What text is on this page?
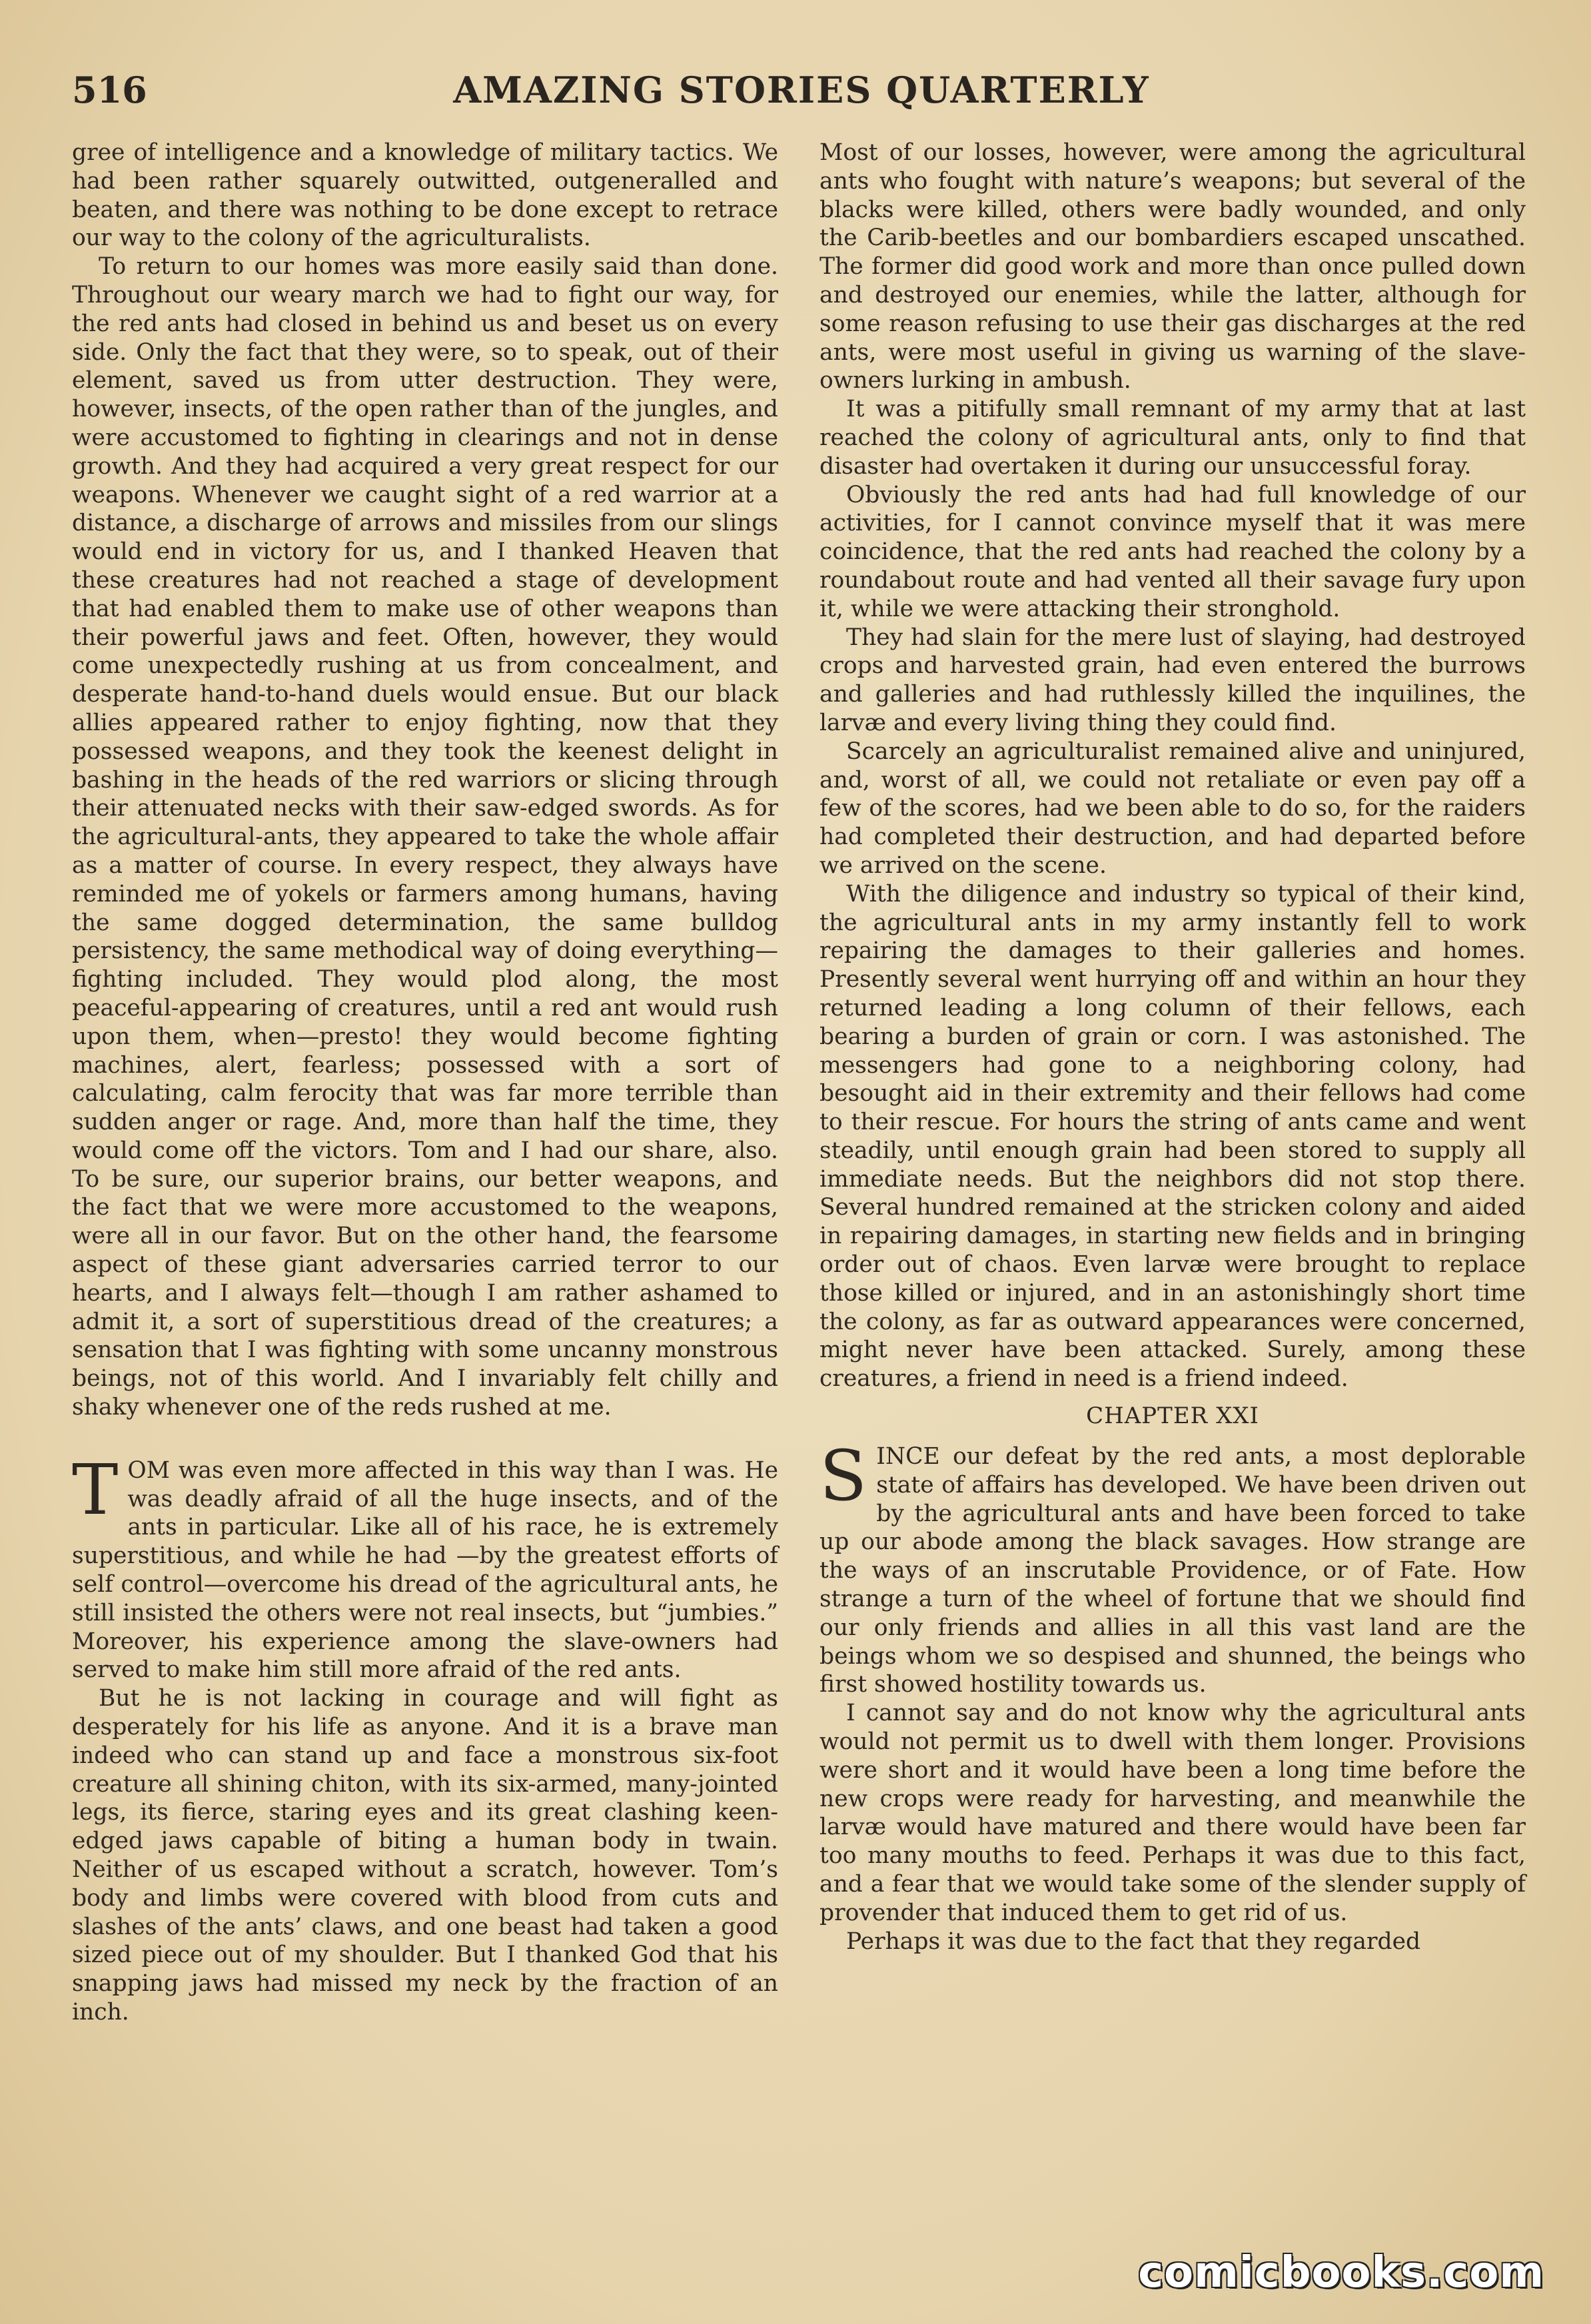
516	AMAZING STORIES QUARTERLY

gree of intelligence and a knowledge of military tactics. We had been rather squarely outwitted, outgeneralled and beaten, and there was nothing to be done except to retrace our way to the colony of the agriculturalists.

To return to our homes was more easily said than done. Throughout our weary march we had to fight our way, for the red ants had closed in behind us and beset us on every side. Only the fact that they were, so to speak, out of their element, saved us from utter destruction. They were, however, insects, of the open rather than of the jungles, and were accustomed to fighting in clearings and not in dense growth. And they had acquired a very great respect for our weapons. Whenever we caught sight of a red warrior at a distance, a discharge of arrows and missiles from our slings would end in victory for us, and I thanked Heaven that these creatures had not reached a stage of development that had enabled them to make use of other weapons than their powerful jaws and feet. Often, however, they would come unexpectedly rushing at us from concealment, and desperate hand-to-hand duels would ensue. But our black allies appeared rather to enjoy fighting, now that they possessed weapons, and they took the keenest delight in bashing in the heads of the red warriors or slicing through their attenuated necks with their saw-edged swords. As for the agricultural-ants, they appeared to take the whole affair as a matter of course. In every respect, they always have reminded me of yokels or farmers among humans, having the same dogged determination, the same bulldog persistency, the same methodical way of doing everything—fighting included. They would plod along, the most peaceful-appearing of creatures, until a red ant would rush upon them, when—presto! they would become fighting machines, alert, fearless; possessed with a sort of calculating, calm ferocity that was far more terrible than sudden anger or rage. And, more than half the time, they would come off the victors. Tom and I had our share, also. To be sure, our superior brains, our better weapons, and the fact that we were more accustomed to the weapons, were all in our favor. But on the other hand, the fearsome aspect of these giant adversaries carried terror to our hearts, and I always felt—though I am rather ashamed to admit it, a sort of superstitious dread of the creatures; a sensation that I was fighting with some uncanny monstrous beings, not of this world. And I invariably felt chilly and shaky whenever one of the reds rushed at me.

TOM was even more affected in this way than I was. He was deadly afraid of all the huge insects, and of the ants in particular. Like all of his race, he is extremely superstitious, and while he had —by the greatest efforts of self control—overcome his dread of the agricultural ants, he still insisted the others were not real insects, but “jumbies.” Moreover, his experience among the slave-owners had served to make him still more afraid of the red ants.

But he is not lacking in courage and will fight as desperately for his life as anyone. And it is a brave man indeed who can stand up and face a monstrous six-foot creature all shining chiton, with its six-armed, many-jointed legs, its fierce, staring eyes and its great clashing keen-edged jaws capable of biting a human body in twain. Neither of us escaped without a scratch, however. Tom’s body and limbs were covered with blood from cuts and slashes of the ants’ claws, and one beast had taken a good sized piece out of my shoulder. But I thanked God that his snapping jaws had missed my neck by the fraction of an inch.

Most of our losses, however, were among the agricultural ants who fought with nature’s weapons; but several of the blacks were killed, others were badly wounded, and only the Carib-beetles and our bombardiers escaped unscathed. The former did good work and more than once pulled down and destroyed our enemies, while the latter, although for some reason refusing to use their gas discharges at the red ants, were most useful in giving us warning of the slave-owners lurking in ambush.

It was a pitifully small remnant of my army that at last reached the colony of agricultural ants, only to find that disaster had overtaken it during our unsuccessful foray.

Obviously the red ants had had full knowledge of our activities, for I cannot convince myself that it was mere coincidence, that the red ants had reached the colony by a roundabout route and had vented all their savage fury upon it, while we were attacking their stronghold.

They had slain for the mere lust of slaying, had destroyed crops and harvested grain, had even entered the burrows and galleries and had ruthlessly killed the inquilines, the larvæ and every living thing they could find.

Scarcely an agriculturalist remained alive and uninjured, and, worst of all, we could not retaliate or even pay off a few of the scores, had we been able to do so, for the raiders had completed their destruction, and had departed before we arrived on the scene.

With the diligence and industry so typical of their kind, the agricultural ants in my army instantly fell to work repairing the damages to their galleries and homes. Presently several went hurrying off and within an hour they returned leading a long column of their fellows, each bearing a burden of grain or corn. I was astonished. The messengers had gone to a neighboring colony, had besought aid in their extremity and their fellows had come to their rescue. For hours the string of ants came and went steadily, until enough grain had been stored to supply all immediate needs. But the neighbors did not stop there. Several hundred remained at the stricken colony and aided in repairing damages, in starting new fields and in bringing order out of chaos. Even larvæ were brought to replace those killed or injured, and in an astonishingly short time the colony, as far as outward appearances were concerned, might never have been attacked. Surely, among these creatures, a friend in need is a friend indeed.

CHAPTER XXI

SINCE our defeat by the red ants, a most deplorable state of affairs has developed. We have been driven out by the agricultural ants and have been forced to take up our abode among the black savages. How strange are the ways of an inscrutable Providence, or of Fate. How strange a turn of the wheel of fortune that we should find our only friends and allies in all this vast land are the beings whom we so despised and shunned, the beings who first showed hostility towards us.

I cannot say and do not know why the agricultural ants would not permit us to dwell with them longer. Provisions were short and it would have been a long time before the new crops were ready for harvesting, and meanwhile the larvæ would have matured and there would have been far too many mouths to feed. Perhaps it was due to this fact, and a fear that we would take some of the slender supply of provender that induced them to get rid of us.

Perhaps it was due to the fact that they regarded

comicbooks.com
